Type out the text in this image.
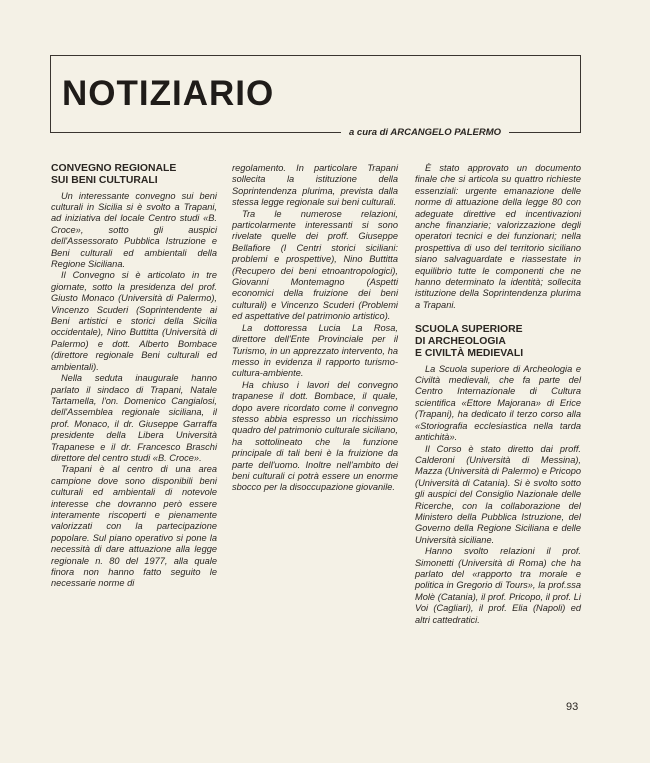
NOTIZIARIO
a cura di ARCANGELO PALERMO
CONVEGNO REGIONALE
SUI BENI CULTURALI

Un interessante convegno sui beni culturali in Sicilia si è svolto a Trapani, ad iniziativa del locale Centro studi «B. Croce», sotto gli auspici dell'Assessorato Pubblica Istruzione e Beni culturali ed ambientali della Regione Siciliana.

Il Convegno si è articolato in tre giornate, sotto la presidenza del prof. Giusto Monaco (Università di Palermo), Vincenzo Scuderi (Soprintendente ai Beni artistici e storici della Sicilia occidentale), Nino Buttitta (Università di Palermo) e dott. Alberto Bombace (direttore regionale Beni culturali ed ambientali).

Nella seduta inaugurale hanno parlato il sindaco di Trapani, Natale Tartamella, l'on. Domenico Cangialosi, dell'Assemblea regionale siciliana, il prof. Monaco, il dr. Giuseppe Garraffa presidente della Libera Università Trapanese e il dr. Francesco Braschi direttore del centro studi «B. Croce».

Trapani è al centro di una area campione dove sono disponibili beni culturali ed ambientali di notevole interesse che dovranno però essere interamente riscoperti e pienamente valorizzati con la partecipazione popolare. Sul piano operativo si pone la necessità di dare attuazione alla legge regionale n. 80 del 1977, alla quale finora non hanno fatto seguito le necessarie norme di

regolamento. In particolare Trapani sollecita la istituzione della Soprintendenza plurima, prevista dalla stessa legge regionale sui beni culturali.

Tra le numerose relazioni, particolarmente interessanti si sono rivelate quelle dei proff. Giuseppe Bellafiore (I Centri storici siciliani: problemi e prospettive), Nino Buttitta (Recupero dei beni etnoantropologici), Giovanni Montemagno (Aspetti economici della fruizione dei beni culturali) e Vincenzo Scuderi (Problemi ed aspettative del patrimonio artistico).

La dottoressa Lucia La Rosa, direttore dell'Ente Provinciale per il Turismo, in un apprezzato intervento, ha messo in evidenza il rapporto turismo-cultura-ambiente.

Ha chiuso i lavori del convegno trapanese il dott. Bombace, il quale, dopo avere ricordato come il convegno stesso abbia espresso un ricchissimo quadro del patrimonio culturale siciliano, ha sottolineato che la funzione principale di tali beni è la fruizione da parte dell'uomo. Inoltre nell'ambito dei beni culturali ci potrà essere un enorme sbocco per la disoccupazione giovanile.

È stato approvato un documento finale che si articola su quattro richieste essenziali: urgente emanazione delle norme di attuazione della legge 80 con adeguate direttive ed incentivazioni anche finanziarie; valorizzazione degli operatori tecnici e dei funzionari; nella prospettiva di uso del territorio siciliano siano salvaguardate e riassestate in equilibrio tutte le componenti che ne hanno determinato la identità; sollecita istituzione della Soprintendenza plurima a Trapani.

SCUOLA SUPERIORE
DI ARCHEOLOGIA
E CIVILTÀ MEDIEVALI

La Scuola superiore di Archeologia e Civiltà medievali, che fa parte del Centro Internazionale di Cultura scientifica «Ettore Majorana» di Erice (Trapani), ha dedicato il terzo corso alla «Storiografia ecclesiastica nella tarda antichità».

Il Corso è stato diretto dai proff. Calderoni (Università di Messina), Mazza (Università di Palermo) e Pricopo (Università di Catania). Si è svolto sotto gli auspici del Consiglio Nazionale delle Ricerche, con la collaborazione del Ministero della Pubblica Istruzione, del Governo della Regione Siciliana e delle Università siciliane.

Hanno svolto relazioni il prof. Simonetti (Università di Roma) che ha parlato del «rapporto tra morale e politica in Gregorio di Tours», la prof.ssa Molè (Catania), il prof. Pricopo, il prof. Li Voi (Cagliari), il prof. Elia (Napoli) ed altri cattedratici.

93
